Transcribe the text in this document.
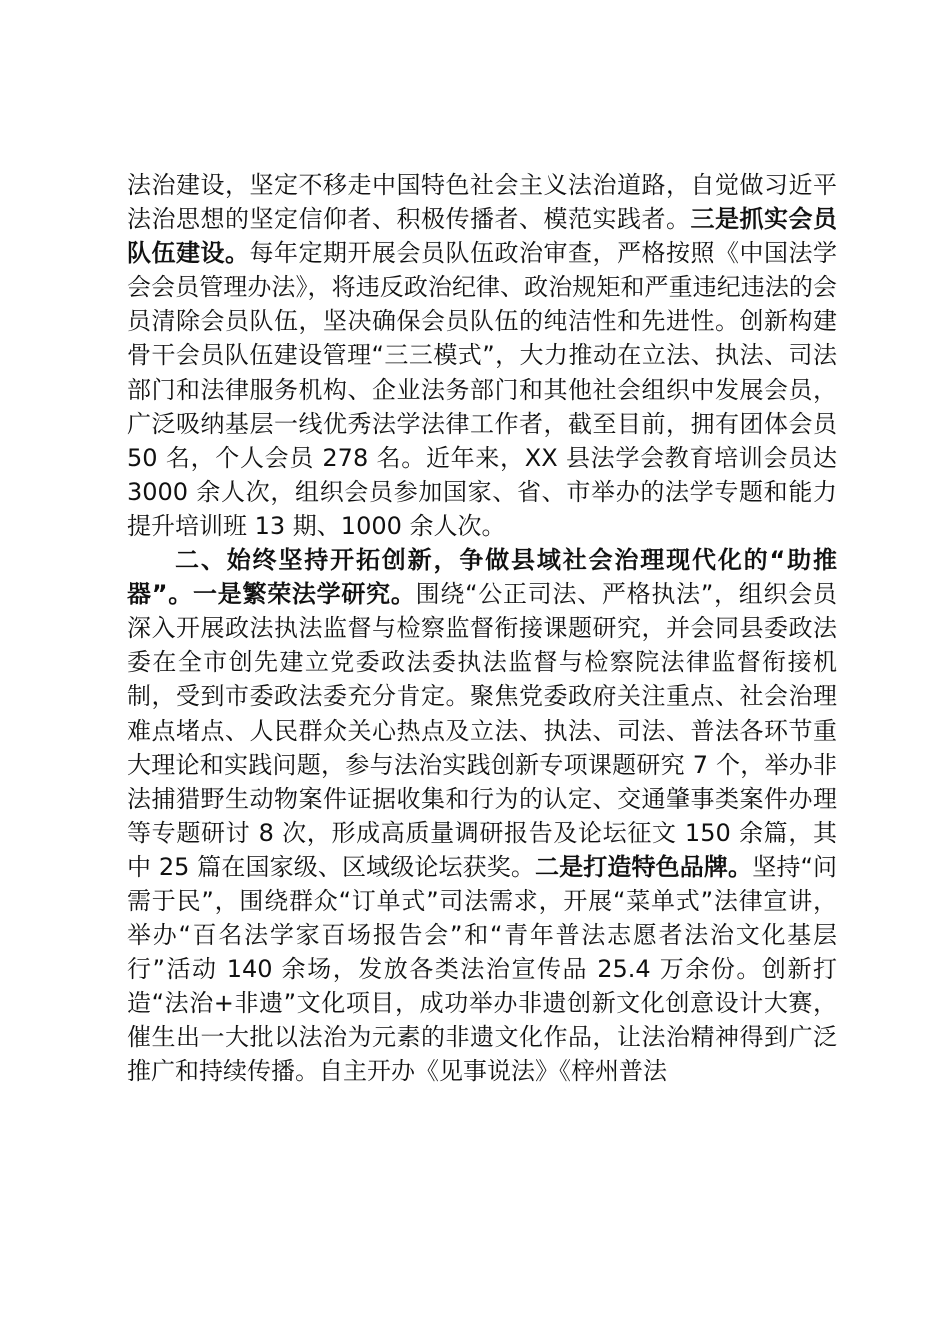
法治建设，坚定不移走中国特色社会主义法治道路，自觉做习近平法治思想的坚定信仰者、积极传播者、模范实践者。三是抓实会员队伍建设。每年定期开展会员队伍政治审查，严格按照《中国法学会会员管理办法》，将违反政治纪律、政治规矩和严重违纪违法的会员清除会员队伍，坚决确保会员队伍的纯洁性和先进性。创新构建骨干会员队伍建设管理“三三模式”，大力推动在立法、执法、司法部门和法律服务机构、企业法务部门和其他社会组织中发展会员，广泛吸纳基层一线优秀法学法律工作者，截至目前，拥有团体会员 50 名，个人会员 278 名。近年来，XX 县法学会教育培训会员达 3000 余人次，组织会员参加国家、省、市举办的法学专题和能力提升培训班 13 期、1000 余人次。

二、始终坚持开拓创新，争做县域社会治理现代化的“助推器”。一是繁荣法学研究。围绕“公正司法、严格执法”，组织会员深入开展政法执法监督与检察监督衔接课题研究，并会同县委政法委在全市创先建立党委政法委执法监督与检察院法律监督衔接机制，受到市委政法委充分肯定。聚焦党委政府关注重点、社会治理难点堵点、人民群众关心热点及立法、执法、司法、普法各环节重大理论和实践问题，参与法治实践创新专项课题研究 7 个，举办非法捕猎野生动物案件证据收集和行为的认定、交通肇事类案件办理等专题研讨 8 次，形成高质量调研报告及论坛征文 150 余篇，其中 25 篇在国家级、区域级论坛获奖。二是打造特色品牌。坚持“问需于民”，围绕群众“订单式”司法需求，开展“菜单式”法律宣讲，举办“百名法学家百场报告会”和“青年普法志愿者法治文化基层行”活动 140 余场，发放各类法治宣传品 25.4 万余份。创新打造“法治+非遗”文化项目，成功举办非遗创新文化创意设计大赛，催生出一大批以法治为元素的非遗文化作品，让法治精神得到广泛推广和持续传播。自主开办《见事说法》《梓州普法
